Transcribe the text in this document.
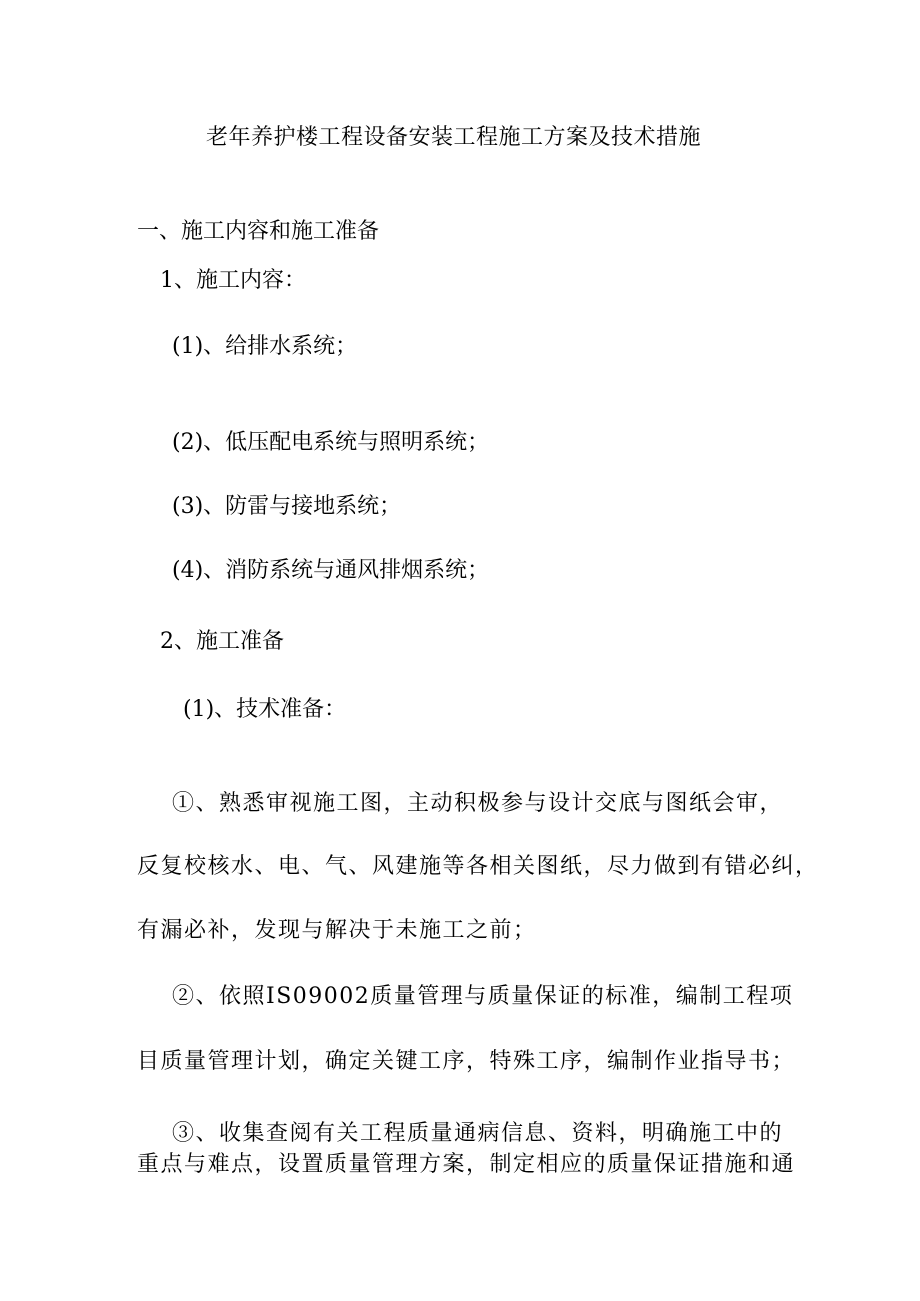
老年养护楼工程设备安装工程施工方案及技术措施
一、施工内容和施工准备
1、施工内容：
(1)、给排水系统；
(2)、低压配电系统与照明系统；
(3)、防雷与接地系统；
(4)、消防系统与通风排烟系统；
2、施工准备
(1)、技术准备：
①、熟悉审视施工图，主动积极参与设计交底与图纸会审，
反复校核水、电、气、风建施等各相关图纸，尽力做到有错必纠，
有漏必补，发现与解决于未施工之前；
②、依照IS09002质量管理与质量保证的标准，编制工程项
目质量管理计划，确定关键工序，特殊工序，编制作业指导书；
③、收集查阅有关工程质量通病信息、资料，明确施工中的
重点与难点，设置质量管理方案，制定相应的质量保证措施和通
